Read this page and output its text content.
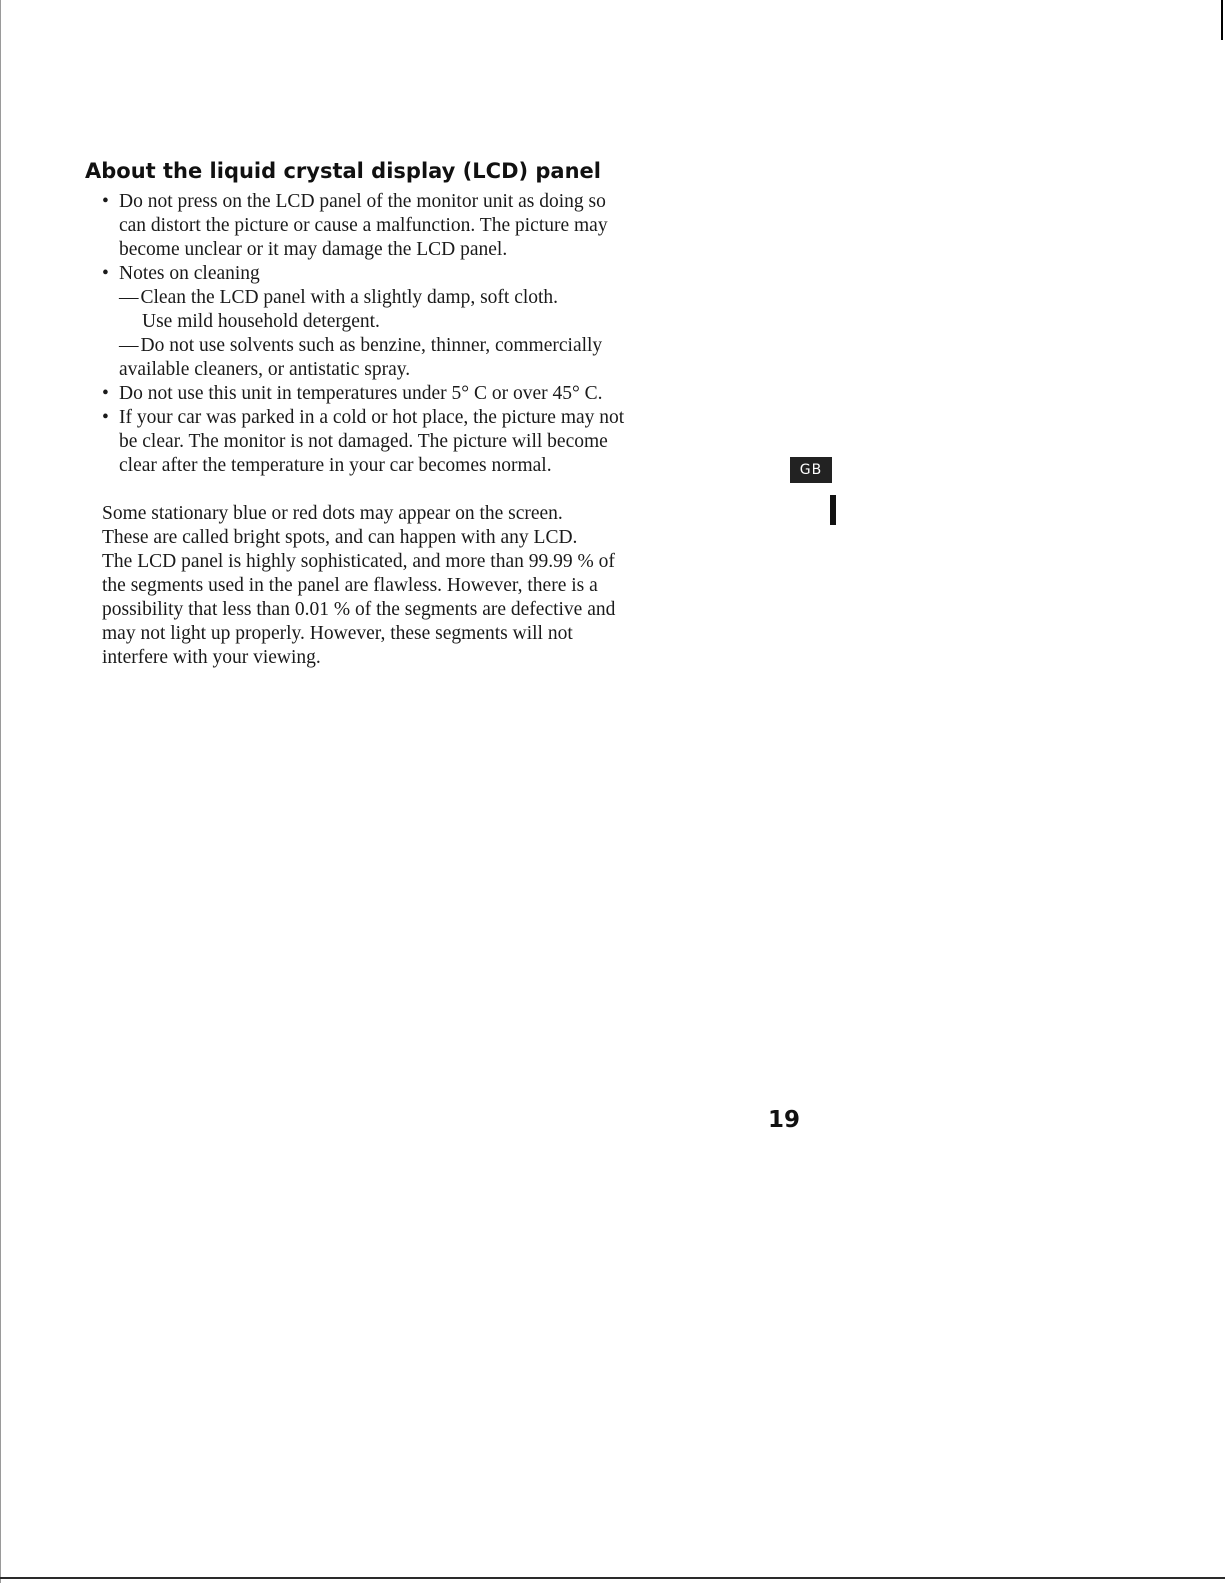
About the liquid crystal display (LCD) panel
• Do not press on the LCD panel of the monitor unit as doing so
can distort the picture or cause a malfunction. The picture may
become unclear or it may damage the LCD panel.
• Notes on cleaning
— Clean the LCD panel with a slightly damp, soft cloth.
Use mild household detergent.
— Do not use solvents such as benzine, thinner, commercially
available cleaners, or antistatic spray.
• Do not use this unit in temperatures under 5° C or over 45° C.
• If your car was parked in a cold or hot place, the picture may not
be clear. The monitor is not damaged. The picture will become
clear after the temperature in your car becomes normal.
Some stationary blue or red dots may appear on the screen.
These are called bright spots, and can happen with any LCD.
The LCD panel is highly sophisticated, and more than 99.99 % of
the segments used in the panel are flawless. However, there is a
possibility that less than 0.01 % of the segments are defective and
may not light up properly. However, these segments will not
interfere with your viewing.
GB
19
